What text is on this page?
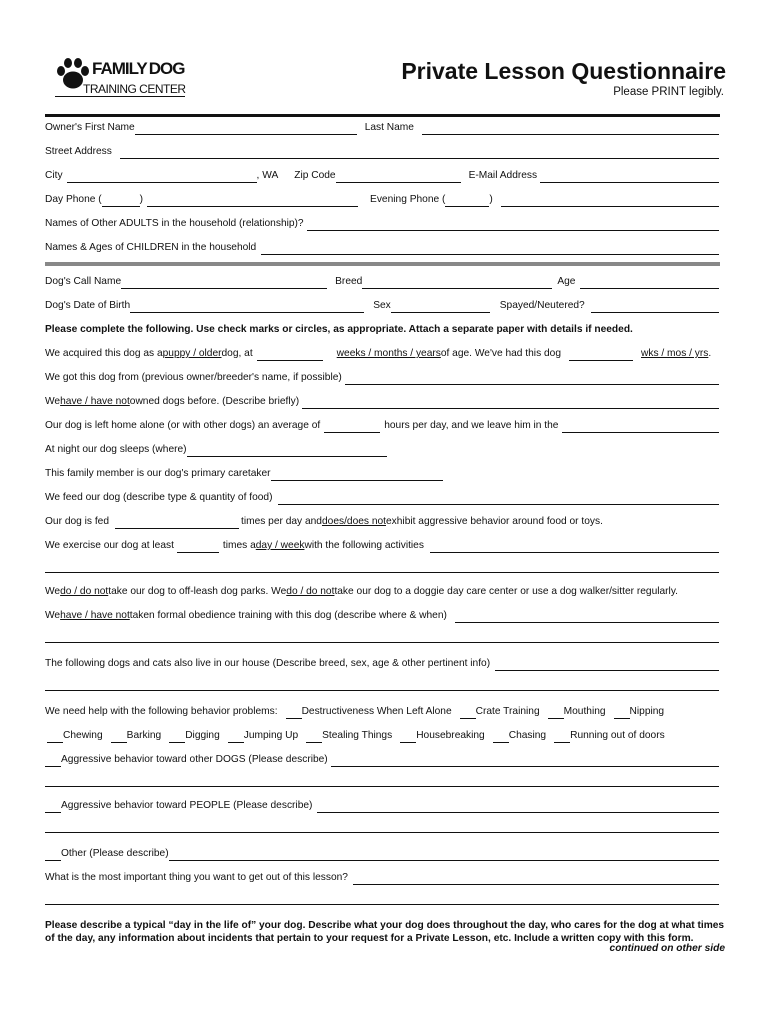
FAMILY DOG
TRAINING CENTER
Private Lesson Questionnaire
Please PRINT legibly.
Owner's First Name	Last Name
Street Address
City	, WA Zip Code	E-Mail Address
Day Phone (	)	Evening Phone (	)
Names of Other ADULTS in the household (relationship)?
Names & Ages of CHILDREN in the household
Dog's Call Name	Breed	Age
Dog's Date of Birth	Sex	Spayed/Neutered?
Please complete the following. Use check marks or circles, as appropriate. Attach a separate paper with details if needed.
We acquired this dog as a puppy / older dog, at	weeks / months / years of age. We've had this dog	wks / mos / yrs .
We got this dog from (previous owner/breeder's name, if possible)
We have / have not owned dogs before. (Describe briefly)
Our dog is left home alone (or with other dogs) an average of	hours per day, and we leave him in the
At night our dog sleeps (where)
This family member is our dog's primary caretaker
We feed our dog (describe type & quantity of food)
Our dog is fed	times per day and does/does not exhibit aggressive behavior around food or toys.
We exercise our dog at least	times a day / week with the following activities
We do / do not take our dog to off-leash dog parks. We do / do not take our dog to a doggie day care center or use a dog walker/sitter regularly.
We have / have not taken formal obedience training with this dog (describe where & when)
The following dogs and cats also live in our house (Describe breed, sex, age & other pertinent info)
We need help with the following behavior problems: Destructiveness When Left Alone Crate Training Mouthing Nipping
Chewing Barking Digging Jumping Up Stealing Things Housebreaking Chasing Running out of doors
Aggressive behavior toward other DOGS (Please describe)
Aggressive behavior toward PEOPLE (Please describe)
Other (Please describe)
What is the most important thing you want to get out of this lesson?
Please describe a typical “day in the life of” your dog. Describe what your dog does throughout the day, who cares for the dog at what times of the day, any information about incidents that pertain to your request for a Private Lesson, etc. Include a written copy with this form.
continued on other side
